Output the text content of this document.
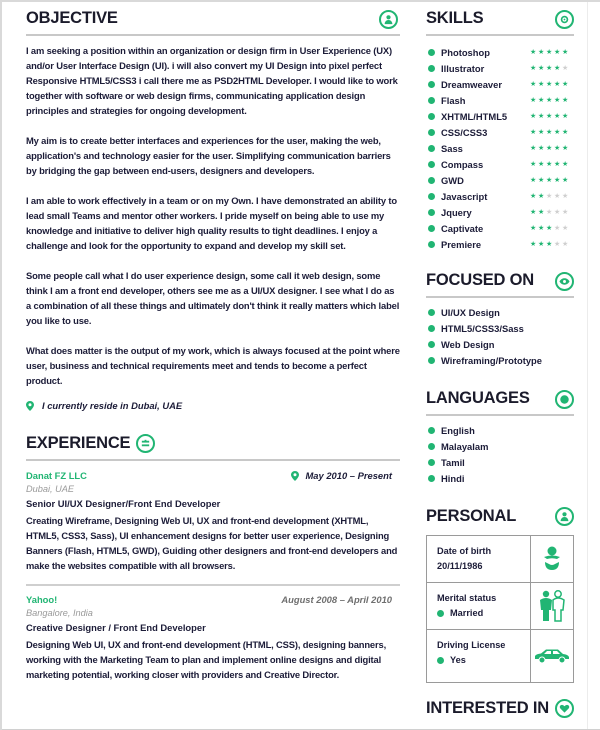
OBJECTIVE

I am seeking a position within an organization or design firm in User Experience (UX) and/or User Interface Design (UI). i will also convert my UI Design into pixel perfect Responsive HTML5/CSS3 i call there me as PSD2HTML Developer. I would like to work together with software or web design firms, communicating application design principles and strategies for ongoing development.

My aim is to create better interfaces and experiences for the user, making the web, application's and technology easier for the user. Simplifying communication barriers by bridging the gap between end-users, designers and developers.

I am able to work effectively in a team or on my Own. I have demonstrated an ability to lead small Teams and mentor other workers. I pride myself on being able to use my knowledge and initiative to deliver high quality results to tight deadlines. I enjoy a challenge and look for the opportunity to expand and develop my skill set.

Some people call what I do user experience design, some call it web design, some think I am a front end developer, others see me as a UI/UX designer. I see what I do as a combination of all these things and ultimately don't think it really matters which label you like to use.

What does matter is the output of my work, which is always focused at the point where user, business and technical requirements meet and tends to become a perfect product.

I currently reside in Dubai, UAE
EXPERIENCE
Danat FZ LLC	May 2010 – Present
Dubai, UAE
Senior UI/UX Designer/Front End Developer

Creating Wireframe, Designing Web UI, UX and front-end development (XHTML, HTML5, CSS3, Sass), UI enhancement designs for better user experience, Designing Banners (Flash, HTML5, GWD), Guiding other designers and front-end developers and make the websites compatible with all browsers.

Yahoo!	August 2008 – April 2010
Bangalore, India
Creative Designer / Front End Developer

Designing Web UI, UX and front-end development (HTML, CSS), designing banners, working with the Marketing Team to plan and implement online designs and digital marketing potential, working closer with providers and Creative Director.

SKILLS
Photoshop	★ ★ ★ ★ ★
Illustrator	★ ★ ★ ★ ★
Dreamweaver	★ ★ ★ ★ ★
Flash	★ ★ ★ ★ ★
XHTML/HTML5	★ ★ ★ ★ ★
CSS/CSS3	★ ★ ★ ★ ★
Sass	★ ★ ★ ★ ★
Compass	★ ★ ★ ★ ★
GWD	★ ★ ★ ★ ★
Javascript	★ ★ ★ ★ ★
Jquery	★ ★ ★ ★ ★
Captivate	★ ★ ★ ★ ★
Premiere	★ ★ ★ ★ ★
FOCUSED ON
UI/UX Design
HTML5/CSS3/Sass
Web Design
Wireframing/Prototype
LANGUAGES
English
Malayalam
Tamil
Hindi
PERSONAL
Date of birth
20/11/1986
Merital status
Married
Driving License
Yes
INTERESTED IN
